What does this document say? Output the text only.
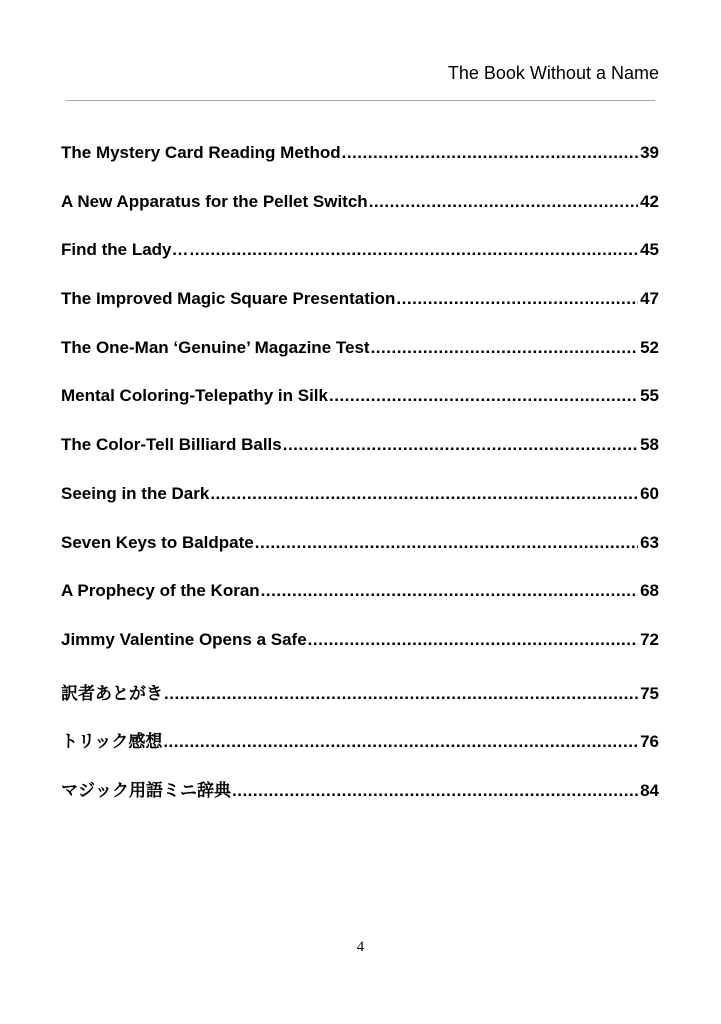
The Book Without a Name
The Mystery Card Reading Method .....	39
A New Apparatus for the Pellet Switch .....	42
Find the Lady… .....	45
The Improved Magic Square Presentation .....	47
The One-Man ‘Genuine’ Magazine Test .....	52
Mental Coloring-Telepathy in Silk .....	55
The Color-Tell Billiard Balls .....	58
Seeing in the Dark .....	60
Seven Keys to Baldpate .....	63
A Prophecy of the Koran .....	68
Jimmy Valentine Opens a Safe .....	72
訳者あとがき .....	75
トリック感想 .....	76
マジック用語ミニ辞典 .....	84
4
